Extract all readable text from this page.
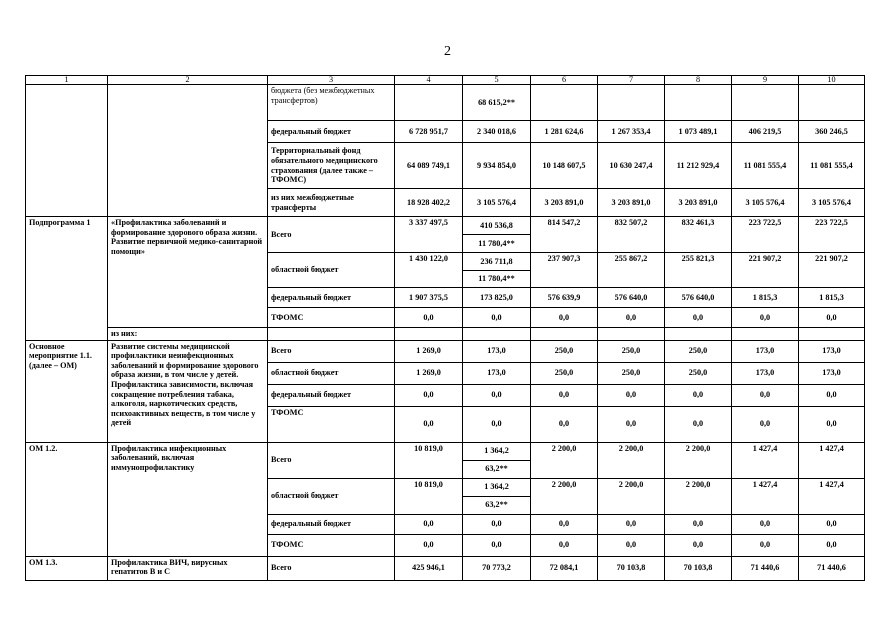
2
1	2	3	4	5	6	7	8	9	10
		бюджета (без межбюджетных трансфертов)		68 615,2**					
		федеральный бюджет	6 728 951,7	2 340 018,6	1 281 624,6	1 267 353,4	1 073 489,1	406 219,5	360 246,5
		Территориальный фонд обязательного медицинского страхования (далее также – ТФОМС)	64 089 749,1	9 934 854,0	10 148 607,5	10 630 247,4	11 212 929,4	11 081 555,4	11 081 555,4
		из них межбюджетные трансферты	18 928 402,2	3 105 576,4	3 203 891,0	3 203 891,0	3 203 891,0	3 105 576,4	3 105 576,4
Подпрограмма 1	«Профилактика заболеваний и формирование здорового образа жизни. Развитие первичной медико-санитарной помощи»	Всего	3 337 497,5	410 536,8	814 547,2	832 507,2	832 461,3	223 722,5	223 722,5
				11 780,4**					
		областной бюджет	1 430 122,0	236 711,8	237 907,3	255 867,2	255 821,3	221 907,2	221 907,2
				11 780,4**					
		федеральный бюджет	1 907 375,5	173 825,0	576 639,9	576 640,0	576 640,0	1 815,3	1 815,3
		ТФОМС	0,0	0,0	0,0	0,0	0,0	0,0	0,0
	из них:								
Основное мероприятие 1.1. (далее – ОМ)	Развитие системы медицинской профилактики неинфекционных заболеваний и формирование здорового образа жизни, в том числе у детей. Профилактика зависимости, включая сокращение потребления табака, алкоголя, наркотических средств, психоактивных веществ, в том числе у детей	Всего	1 269,0	173,0	250,0	250,0	250,0	173,0	173,0
		областной бюджет	1 269,0	173,0	250,0	250,0	250,0	173,0	173,0
		федеральный бюджет	0,0	0,0	0,0	0,0	0,0	0,0	0,0
		ТФОМС	0,0	0,0	0,0	0,0	0,0	0,0	0,0
ОМ 1.2.	Профилактика инфекционных заболеваний, включая иммунопрофилактику	Всего	10 819,0	1 364,2	2 200,0	2 200,0	2 200,0	1 427,4	1 427,4
				63,2**					
		областной бюджет	10 819,0	1 364,2	2 200,0	2 200,0	2 200,0	1 427,4	1 427,4
				63,2**					
		федеральный бюджет	0,0	0,0	0,0	0,0	0,0	0,0	0,0
		ТФОМС	0,0	0,0	0,0	0,0	0,0	0,0	0,0
ОМ 1.3.	Профилактика ВИЧ, вирусных гепатитов В и С	Всего	425 946,1	70 773,2	72 084,1	70 103,8	70 103,8	71 440,6	71 440,6
